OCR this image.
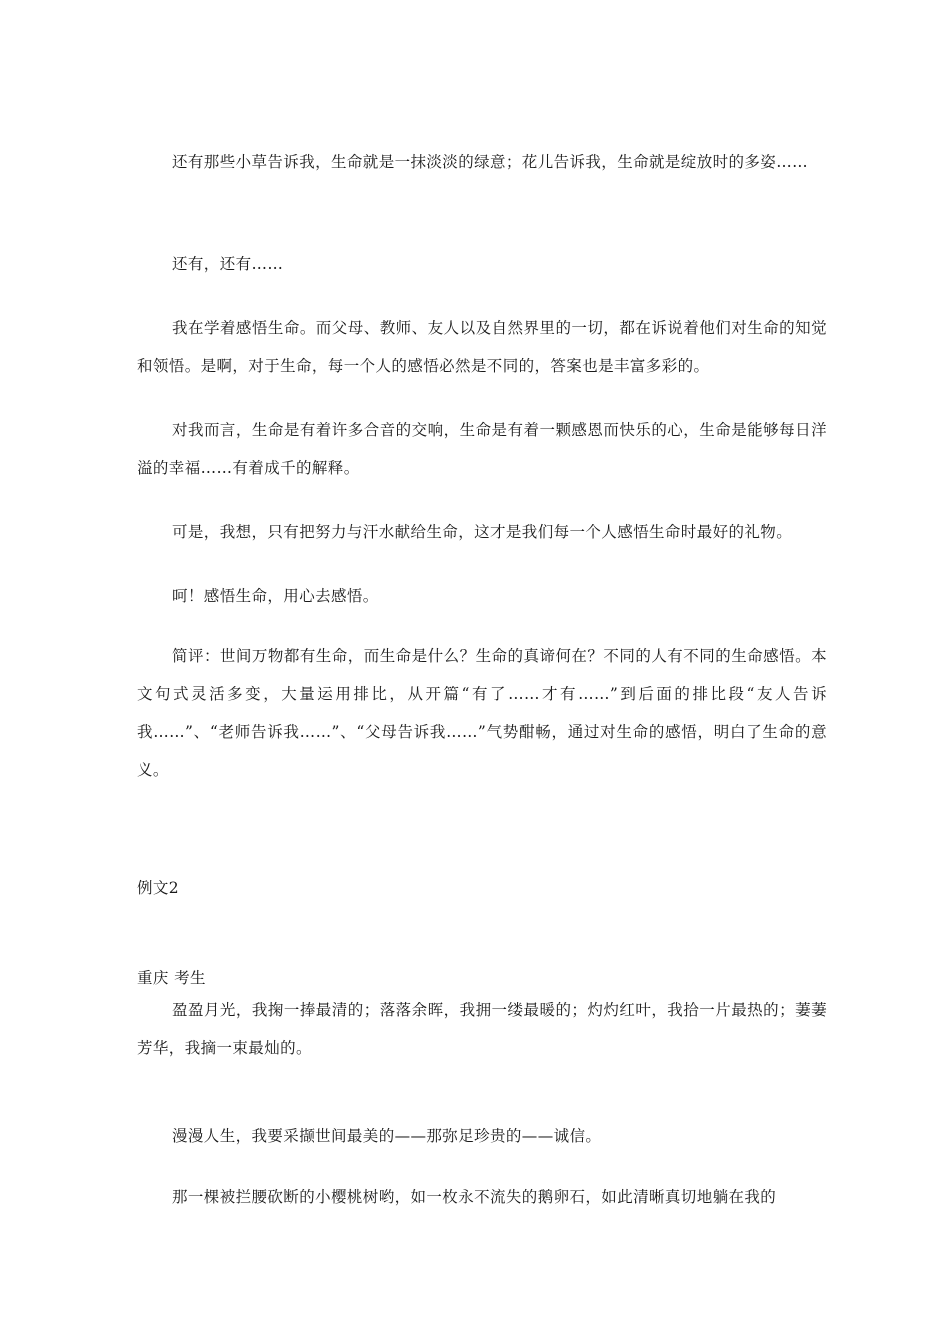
还有那些小草告诉我，生命就是一抹淡淡的绿意；花儿告诉我，生命就是绽放时的多姿……

还有，还有……

我在学着感悟生命。而父母、教师、友人以及自然界里的一切，都在诉说着他们对生命的知觉和领悟。是啊，对于生命，每一个人的感悟必然是不同的，答案也是丰富多彩的。

对我而言，生命是有着许多合音的交响，生命是有着一颗感恩而快乐的心，生命是能够每日洋溢的幸福……有着成千的解释。

可是，我想，只有把努力与汗水献给生命，这才是我们每一个人感悟生命时最好的礼物。

呵！感悟生命，用心去感悟。

简评：世间万物都有生命，而生命是什么？生命的真谛何在？不同的人有不同的生命感悟。本文句式灵活多变，大量运用排比，从开篇“有了……才有……”到后面的排比段“友人告诉我……”、“老师告诉我……”、“父母告诉我……”气势酣畅，通过对生命的感悟，明白了生命的意义。

例文2

重庆 考生

盈盈月光，我掬一捧最清的；落落余晖，我拥一缕最暖的；灼灼红叶，我拾一片最热的；萋萋芳华，我摘一束最灿的。

漫漫人生，我要采撷世间最美的——那弥足珍贵的——诚信。

那一棵被拦腰砍断的小樱桃树哟，如一枚永不流失的鹅卵石，如此清晰真切地躺在我的
